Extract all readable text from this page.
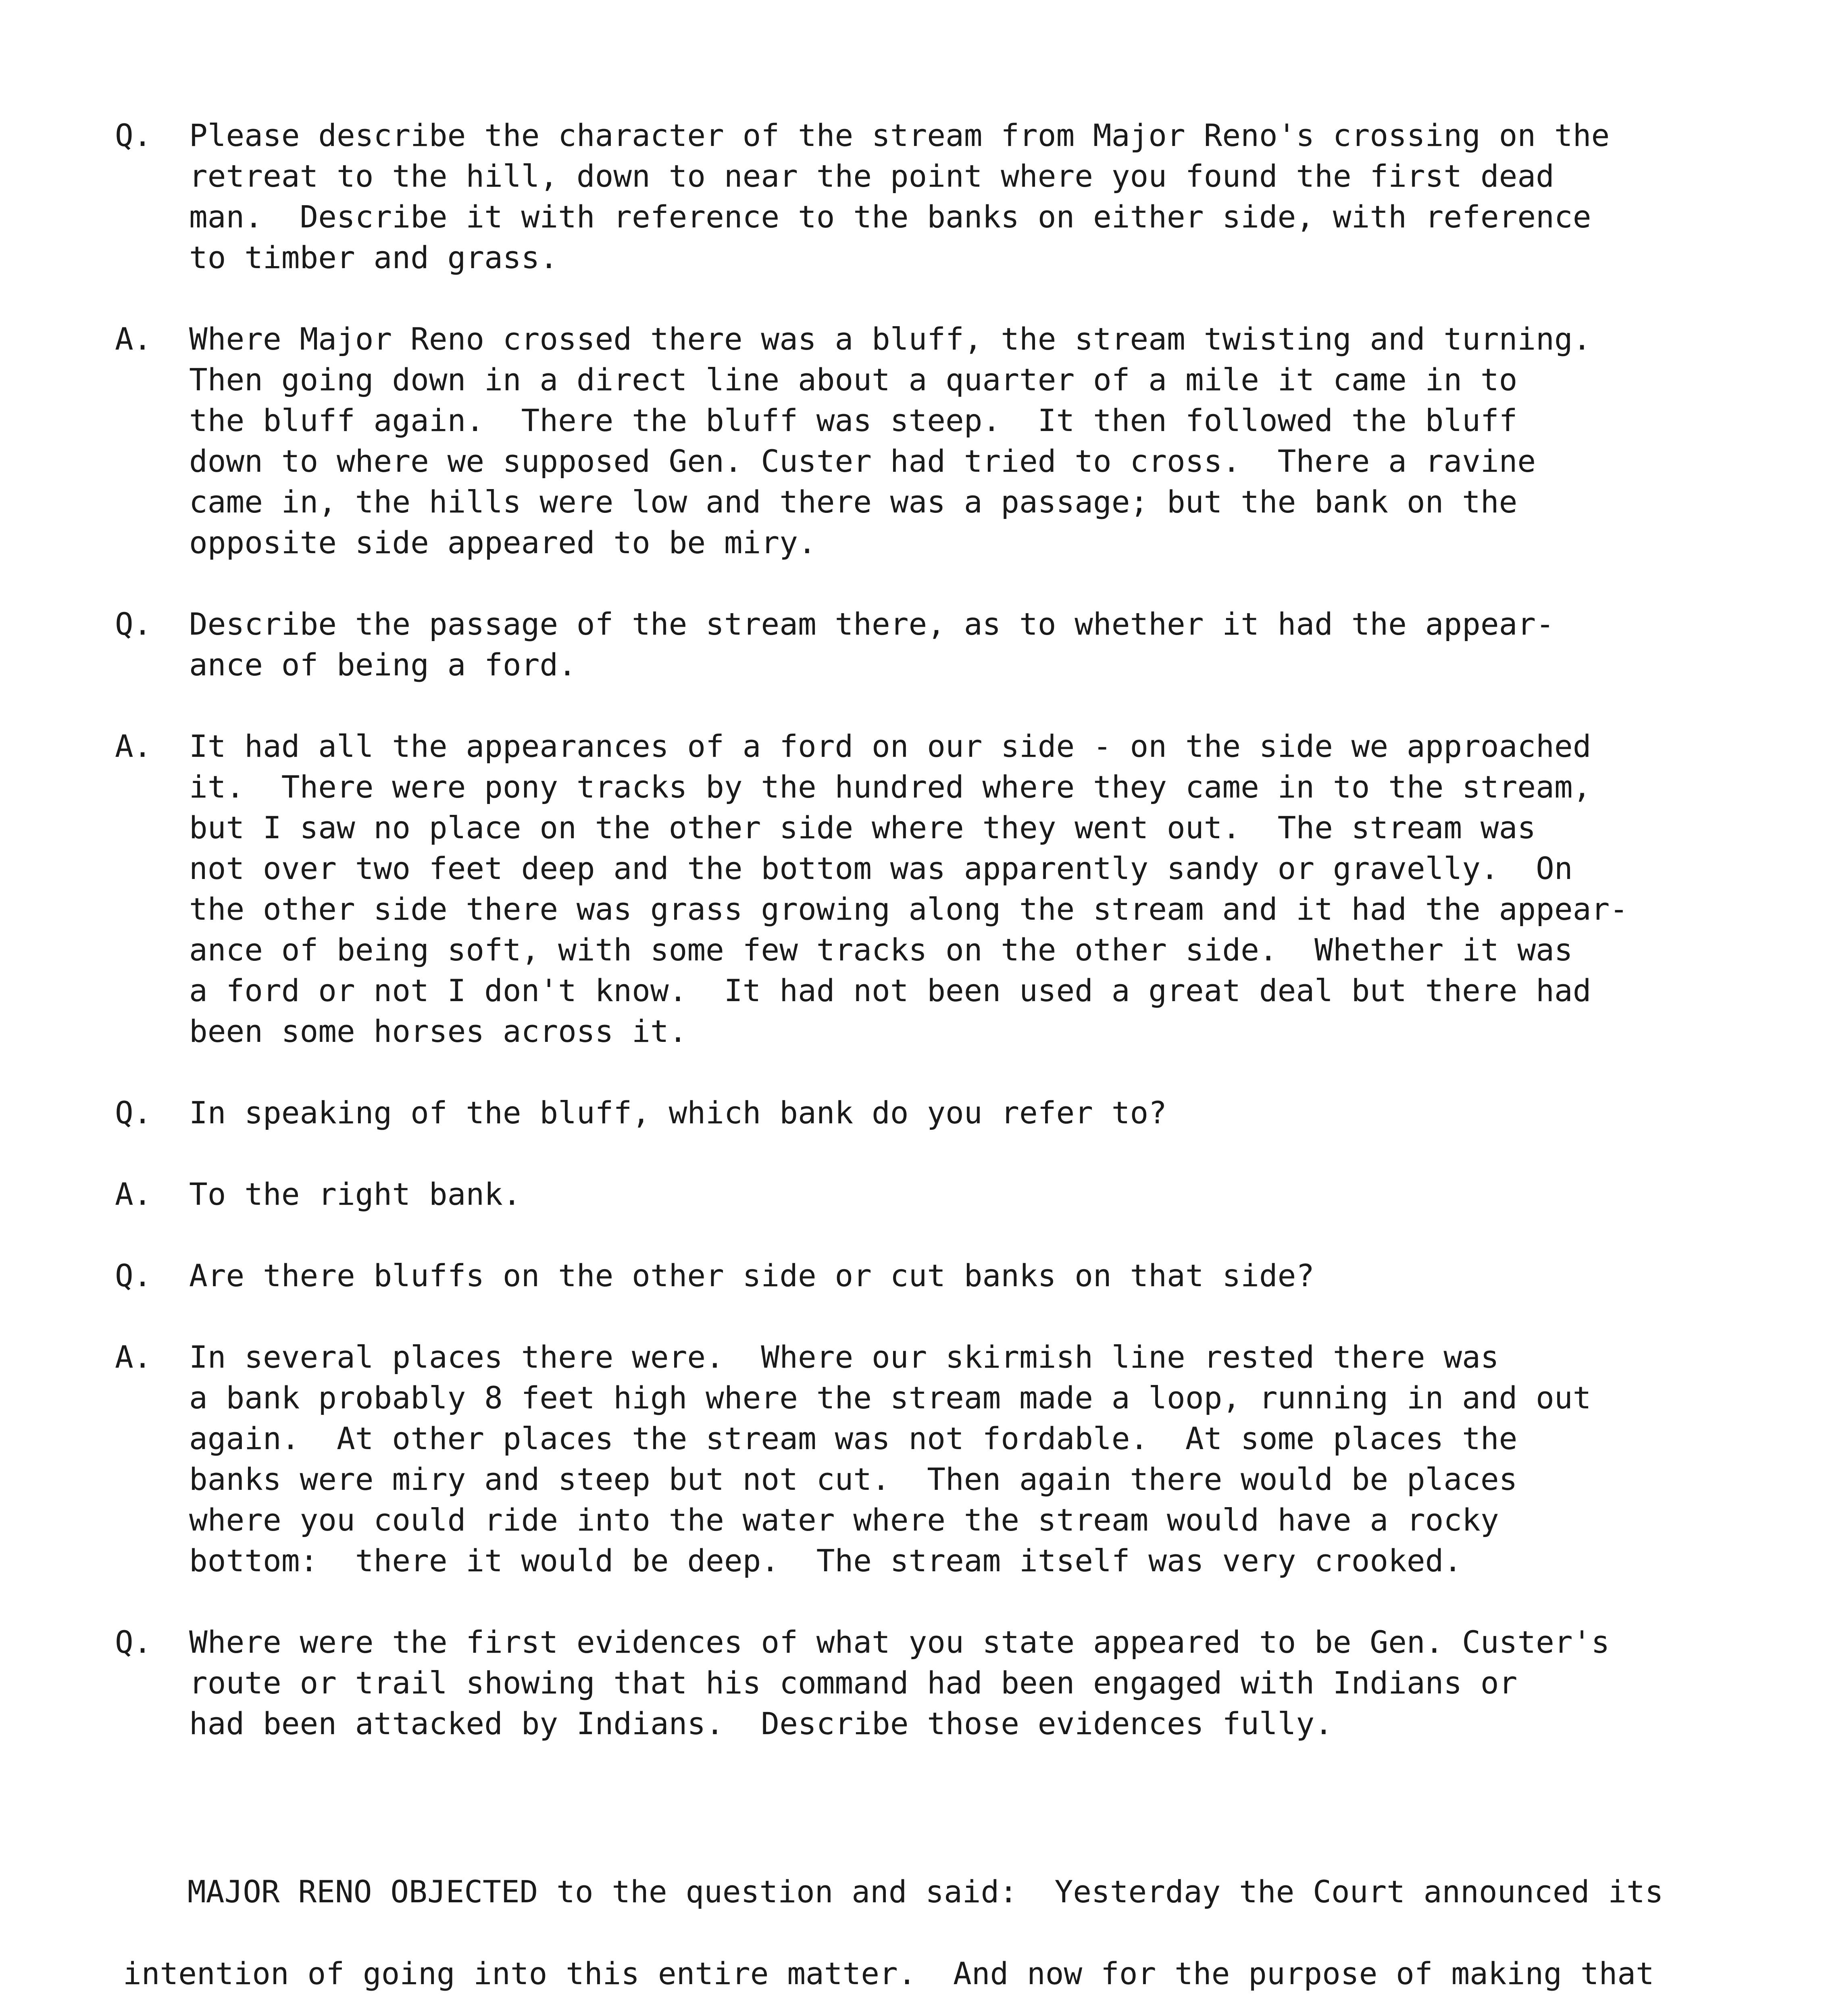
Q.	Please describe the character of the stream from Major Reno's crossing on the
retreat to the hill, down to near the point where you found the first dead
man.  Describe it with reference to the banks on either side, with reference
to timber and grass.
A.	Where Major Reno crossed there was a bluff, the stream twisting and turning.
Then going down in a direct line about a quarter of a mile it came in to
the bluff again.  There the bluff was steep.  It then followed the bluff
down to where we supposed Gen. Custer had tried to cross.  There a ravine
came in, the hills were low and there was a passage; but the bank on the
opposite side appeared to be miry.
Q.	Describe the passage of the stream there, as to whether it had the appear-
ance of being a ford.
A.	It had all the appearances of a ford on our side - on the side we approached
it.  There were pony tracks by the hundred where they came in to the stream,
but I saw no place on the other side where they went out.  The stream was
not over two feet deep and the bottom was apparently sandy or gravelly.  On
the other side there was grass growing along the stream and it had the appear-
ance of being soft, with some few tracks on the other side.  Whether it was
a ford or not I don't know.  It had not been used a great deal but there had
been some horses across it.
Q.	In speaking of the bluff, which bank do you refer to?
A.	To the right bank.
Q.	Are there bluffs on the other side or cut banks on that side?
A.	In several places there were.  Where our skirmish line rested there was
a bank probably 8 feet high where the stream made a loop, running in and out
again.  At other places the stream was not fordable.  At some places the
banks were miry and steep but not cut.  Then again there would be places
where you could ride into the water where the stream would have a rocky
bottom:  there it would be deep.  The stream itself was very crooked.
Q.	Where were the first evidences of what you state appeared to be Gen. Custer's
route or trail showing that his command had been engaged with Indians or
had been attacked by Indians.  Describe those evidences fully.

MAJOR RENO OBJECTED to the question and said:  Yesterday the Court announced its intention of going into this entire matter.  And now for the purpose of making that
